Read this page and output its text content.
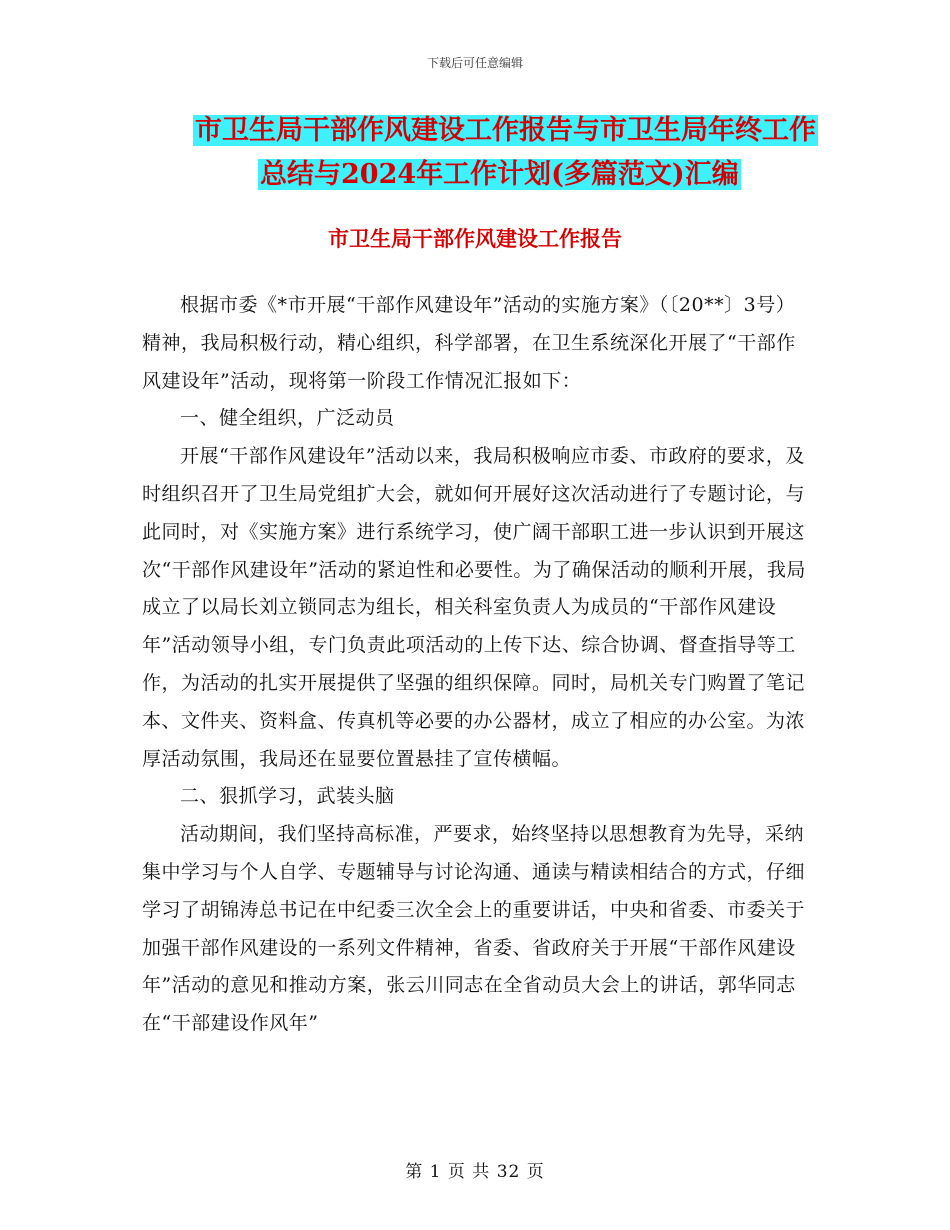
下载后可任意编辑
市卫生局干部作风建设工作报告与市卫生局年终工作
总结与2024年工作计划(多篇范文)汇编
市卫生局干部作风建设工作报告

根据市委《*市开展“干部作风建设年”活动的实施方案》（〔20**〕3号）精神，我局积极行动，精心组织，科学部署，在卫生系统深化开展了“干部作风建设年”活动，现将第一阶段工作情况汇报如下：

一、健全组织，广泛动员

开展“干部作风建设年”活动以来，我局积极响应市委、市政府的要求，及时组织召开了卫生局党组扩大会，就如何开展好这次活动进行了专题讨论，与此同时，对《实施方案》进行系统学习，使广阔干部职工进一步认识到开展这次“干部作风建设年”活动的紧迫性和必要性。为了确保活动的顺利开展，我局成立了以局长刘立锁同志为组长，相关科室负责人为成员的“干部作风建设年”活动领导小组，专门负责此项活动的上传下达、综合协调、督查指导等工作，为活动的扎实开展提供了坚强的组织保障。同时，局机关专门购置了笔记本、文件夹、资料盒、传真机等必要的办公器材，成立了相应的办公室。为浓厚活动氛围，我局还在显要位置悬挂了宣传横幅。

二、狠抓学习，武装头脑

活动期间，我们坚持高标准，严要求，始终坚持以思想教育为先导，采纳集中学习与个人自学、专题辅导与讨论沟通、通读与精读相结合的方式，仔细学习了胡锦涛总书记在中纪委三次全会上的重要讲话，中央和省委、市委关于加强干部作风建设的一系列文件精神，省委、省政府关于开展“干部作风建设年”活动的意见和推动方案，张云川同志在全省动员大会上的讲话，郭华同志在“干部建设作风年”

第 1 页 共 32 页
